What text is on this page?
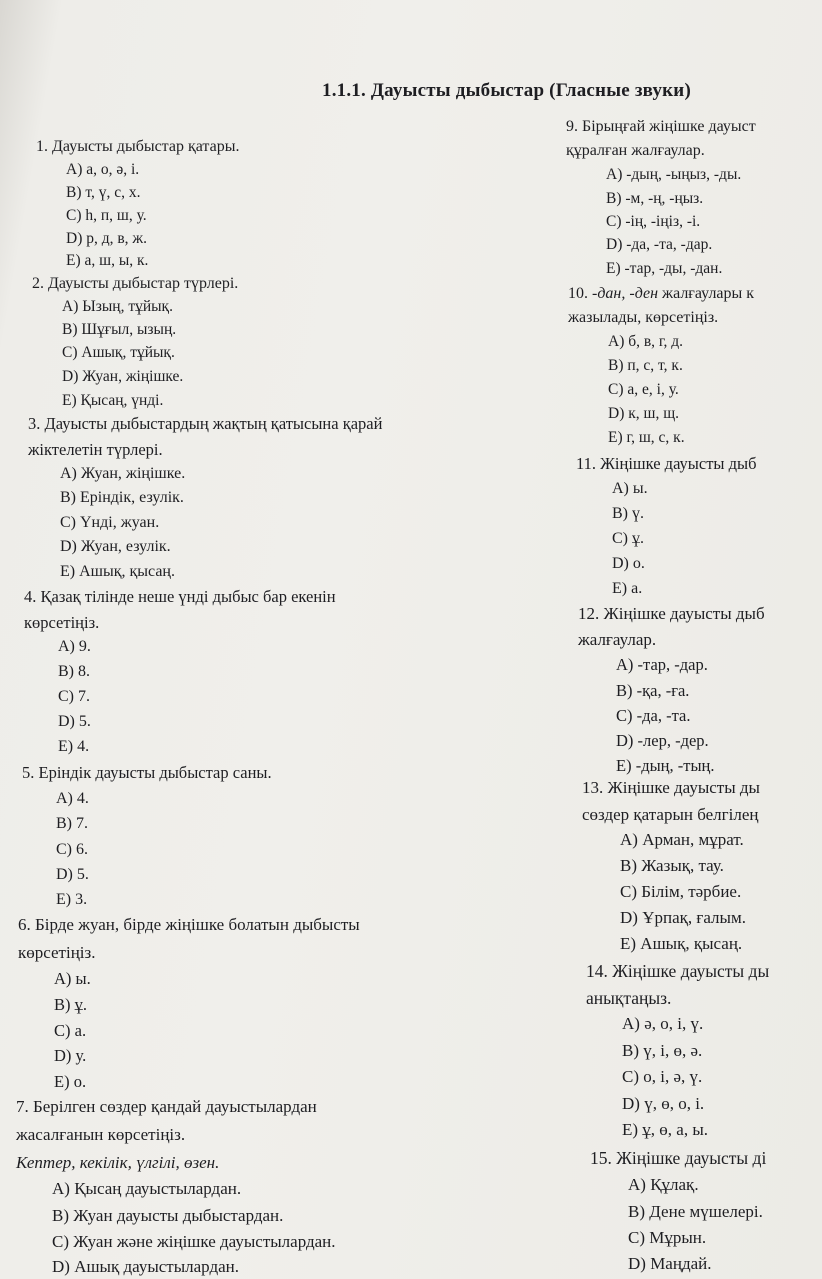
1.1.1. Дауысты дыбыстар (Гласные звуки)
1. Дауысты дыбыстар қатары.
A) а, о, ә, і.
B) т, ү, с, х.
C) һ, п, ш, у.
D) р, д, в, ж.
E) а, ш, ы, к.
2. Дауысты дыбыстар түрлері.
A) Ызың, тұйық.
B) Шұғыл, ызың.
C) Ашық, тұйық.
D) Жуан, жіңішке.
E) Қысаң, үнді.
3. Дауысты дыбыстардың жақтың қатысына қарай
жіктелетін түрлері.
A) Жуан, жіңішке.
B) Еріндік, езулік.
C) Үнді, жуан.
D) Жуан, езулік.
E) Ашық, қысаң.
4. Қазақ тілінде неше үнді дыбыс бар екенін
көрсетіңіз.
A) 9.
B) 8.
C) 7.
D) 5.
E) 4.
5. Еріндік дауысты дыбыстар саны.
A) 4.
B) 7.
C) 6.
D) 5.
E) 3.
6. Бірде жуан, бірде жіңішке болатын дыбысты
көрсетіңіз.
A) ы.
B) ұ.
C) а.
D) у.
E) о.
7. Берілген сөздер қандай дауыстылардан
жасалғанын көрсетіңіз.
Кептер, кекілік, үлгілі, өзен.
A) Қысаң дауыстылардан.
B) Жуан дауысты дыбыстардан.
C) Жуан және жіңішке дауыстылардан.
D) Ашық дауыстылардан.
9. Бірыңғай жіңішке дауыст
құралған жалғаулар.
A) -дың, -ыңыз, -ды.
B) -м, -ң, -ңыз.
C) -ің, -іңіз, -і.
D) -да, -та, -дар.
E) -тар, -ды, -дан.
10. -дан, -ден жалғаулары к
жазылады, көрсетіңіз.
A) б, в, г, д.
B) п, с, т, к.
C) а, е, і, у.
D) к, ш, щ.
E) г, ш, с, к.
11. Жіңішке дауысты дыб
A) ы.
B) ү.
C) ұ.
D) о.
E) а.
12. Жіңішке дауысты дыб
жалғаулар.
A) -тар, -дар.
B) -қа, -ға.
C) -да, -та.
D) -лер, -дер.
E) -дың, -тың.
13. Жіңішке дауысты ды
сөздер қатарын белгілең
A) Арман, мұрат.
B) Жазық, тау.
C) Білім, тәрбие.
D) Ұрпақ, ғалым.
E) Ашық, қысаң.
14. Жіңішке дауысты ды
анықтаңыз.
A) ә, о, і, ү.
B) ү, і, ө, ә.
C) о, і, ә, ү.
D) ү, ө, о, і.
E) ұ, ө, а, ы.
15. Жіңішке дауысты ді
A) Құлақ.
B) Дене мүшелері.
C) Мұрын.
D) Маңдай.
